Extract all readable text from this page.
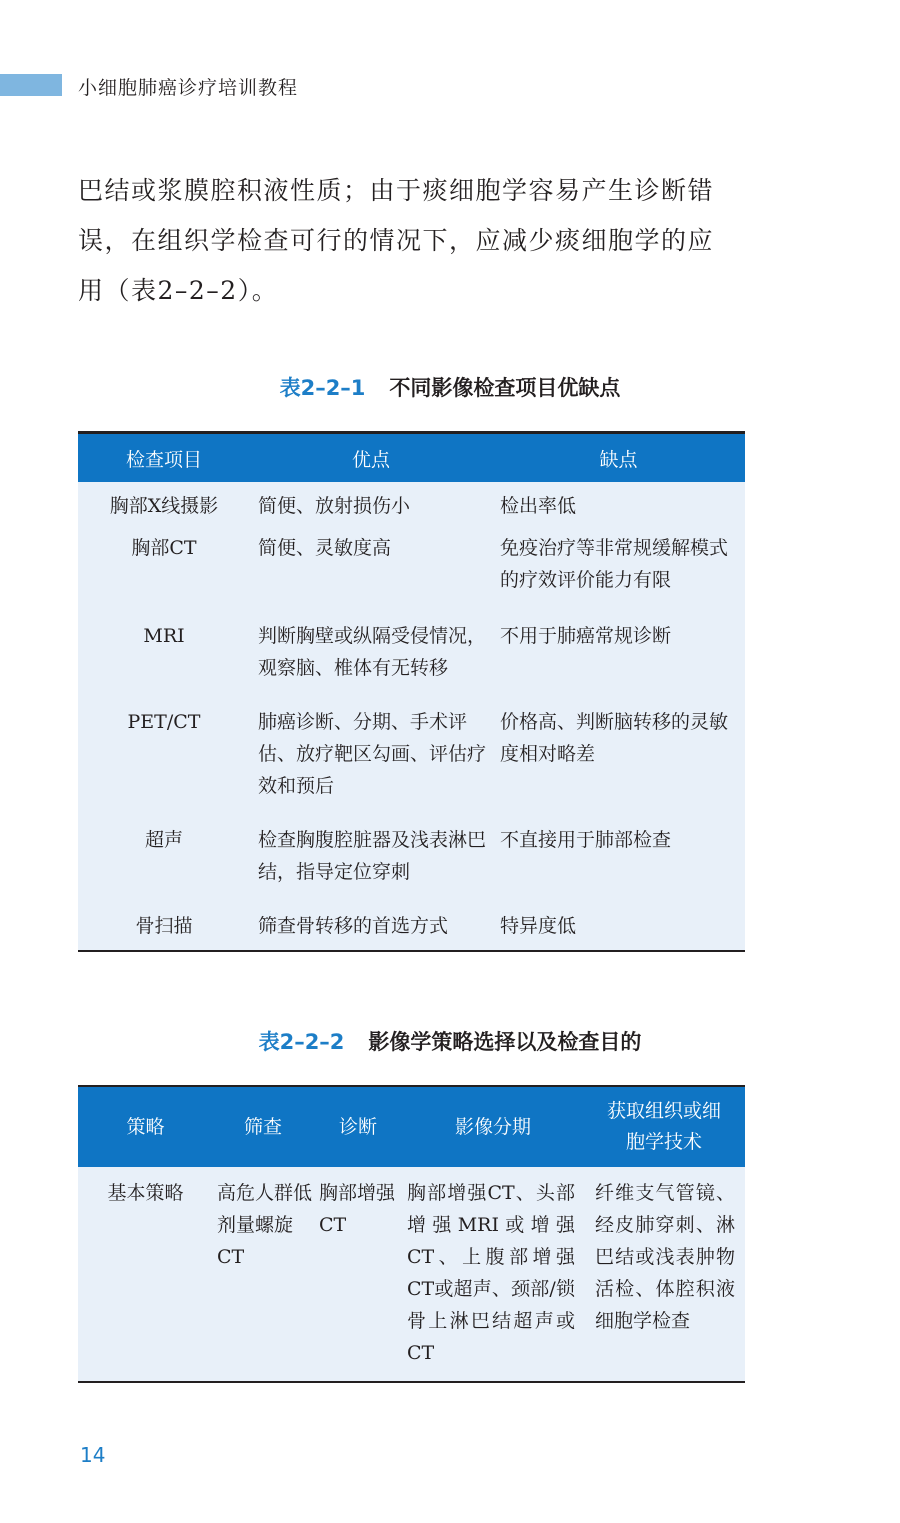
小细胞肺癌诊疗培训教程
巴结或浆膜腔积液性质；由于痰细胞学容易产生诊断错
误，在组织学检查可行的情况下，应减少痰细胞学的应
用（表2–2–2）。
表2–2–1 不同影像检查项目优缺点
检查项目	优点	缺点
胸部X线摄影	简便、放射损伤小	检出率低
胸部CT	简便、灵敏度高	免疫治疗等非常规缓解模式的疗效评价能力有限
MRI	判断胸壁或纵隔受侵情况，观察脑、椎体有无转移	不用于肺癌常规诊断
PET/CT	肺癌诊断、分期、手术评估、放疗靶区勾画、评估疗效和预后	价格高、判断脑转移的灵敏度相对略差
超声	检查胸腹腔脏器及浅表淋巴结，指导定位穿刺	不直接用于肺部检查
骨扫描	筛查骨转移的首选方式	特异度低
表2–2–2 影像学策略选择以及检查目的
策略	筛查	诊断	影像分期	获取组织或细胞学技术
基本策略	高危人群低剂量螺旋CT	胸部增强CT	胸部增强CT、头部增强MRI或增强CT、上腹部增强CT或超声、颈部/锁骨上淋巴结超声或CT	纤维支气管镜、经皮肺穿刺、淋巴结或浅表肿物活检、体腔积液细胞学检查
14
